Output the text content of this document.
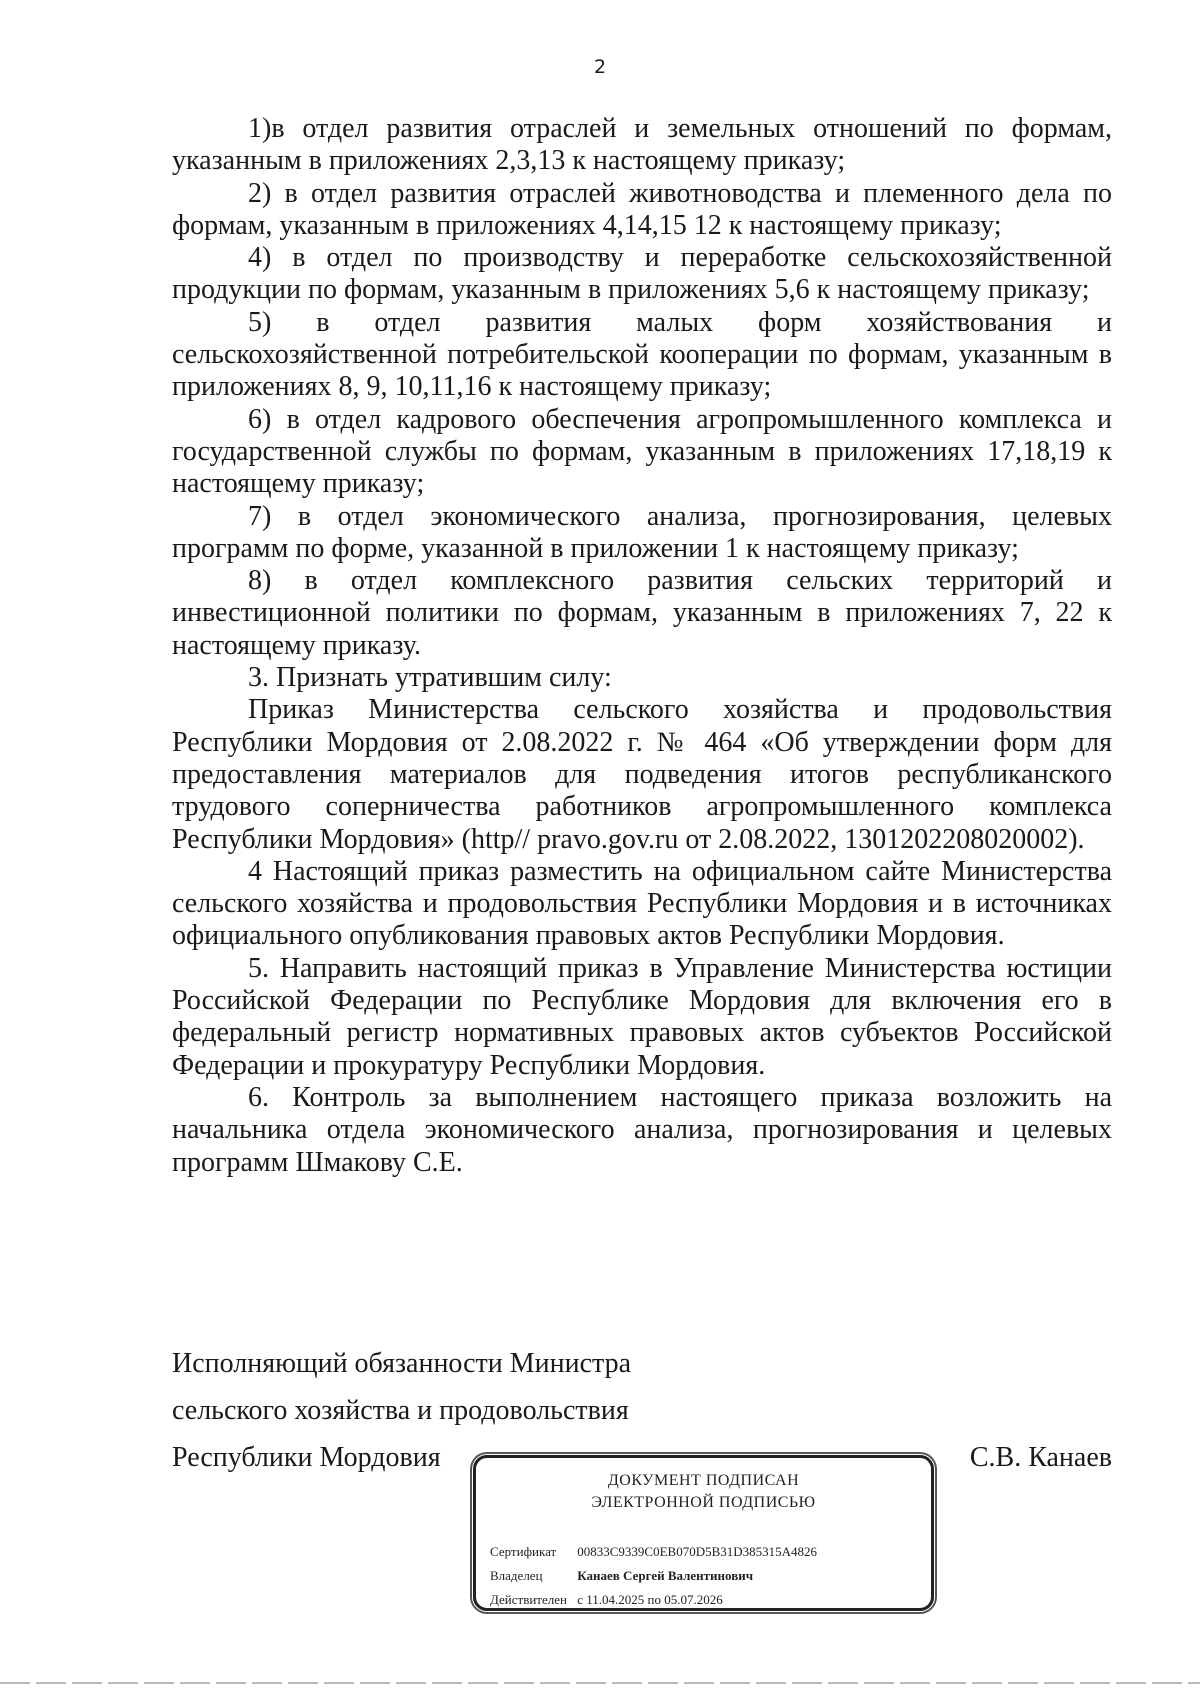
2

1)в отдел развития отраслей и земельных отношений по формам, указанным в приложениях 2,3,13 к настоящему приказу;

2) в отдел развития отраслей животноводства и племенного дела по формам, указанным в приложениях 4,14,15 12 к настоящему приказу;

4) в отдел по производству и переработке сельскохозяйственной продукции по формам, указанным в приложениях 5,6 к настоящему приказу;

5) в отдел развития малых форм хозяйствования и сельскохозяйственной потребительской кооперации по формам, указанным в приложениях 8, 9, 10,11,16 к настоящему приказу;

6) в отдел кадрового обеспечения агропромышленного комплекса и государственной службы по формам, указанным в приложениях 17,18,19 к настоящему приказу;

7) в отдел экономического анализа, прогнозирования, целевых программ по форме, указанной в приложении 1 к настоящему приказу;

8) в отдел комплексного развития сельских территорий и инвестиционной политики по формам, указанным в приложениях 7, 22 к настоящему приказу.

3. Признать утратившим силу:

Приказ Министерства сельского хозяйства и продовольствия Республики Мордовия от 2.08.2022 г. № 464 «Об утверждении форм для предоставления материалов для подведения итогов республиканского трудового соперничества работников агропромышленного комплекса Республики Мордовия» (http// pravo.gov.ru от 2.08.2022, 1301202208020002).

4 Настоящий приказ разместить на официальном сайте Министерства сельского хозяйства и продовольствия Республики Мордовия и в источниках официального опубликования правовых актов Республики Мордовия.

5. Направить настоящий приказ в Управление Министерства юстиции Российской Федерации по Республике Мордовия для включения его в федеральный регистр нормативных правовых актов субъектов Российской Федерации и прокуратуру Республики Мордовия.

6. Контроль за выполнением настоящего приказа возложить на начальника отдела экономического анализа, прогнозирования и целевых программ Шмакову С.Е.

Исполняющий обязанности Министра
сельского хозяйства и продовольствия
Республики Мордовия	С.В. Канаев
ДОКУМЕНТ ПОДПИСАН
ЭЛЕКТРОННОЙ ПОДПИСЬЮ
Сертификат 00833C9339C0EB070D5B31D385315A4826
Владелец	Канаев Сергей Валентинович
Действителен с 11.04.2025 по 05.07.2026
